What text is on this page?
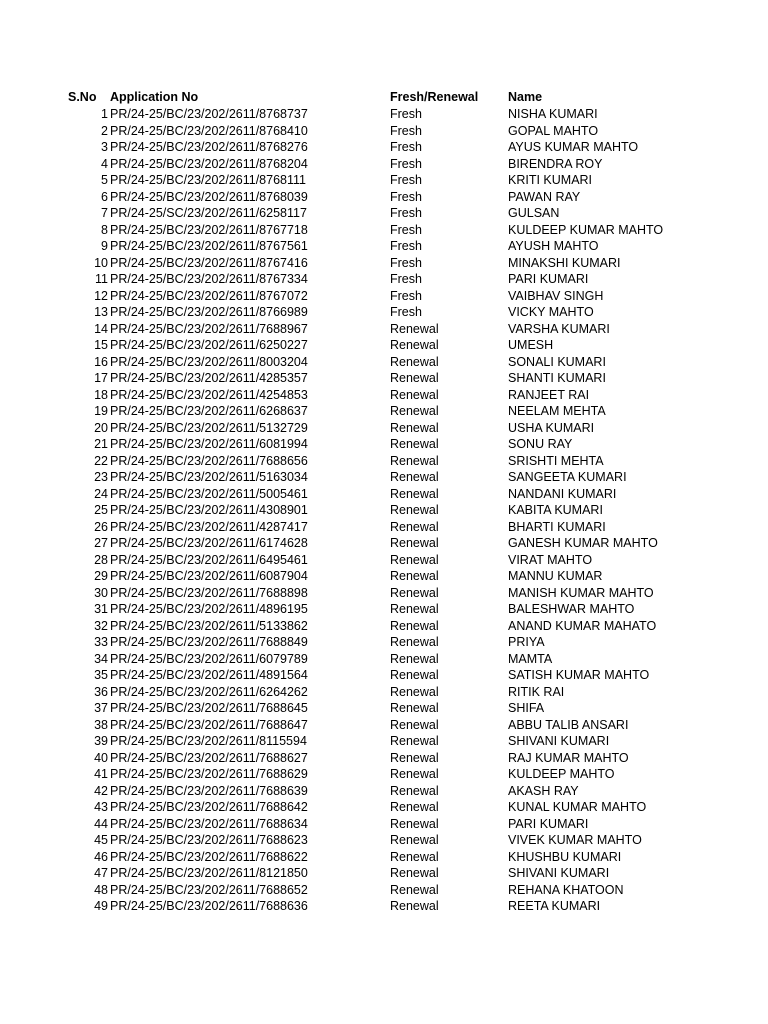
S.No Application No	Fresh/Renewal Name
1 PR/24-25/BC/23/202/2611/8768737	Fresh	NISHA KUMARI
2 PR/24-25/BC/23/202/2611/8768410	Fresh	GOPAL MAHTO
3 PR/24-25/BC/23/202/2611/8768276	Fresh	AYUS KUMAR MAHTO
4 PR/24-25/BC/23/202/2611/8768204	Fresh	BIRENDRA ROY
5 PR/24-25/BC/23/202/2611/8768111	Fresh	KRITI KUMARI
6 PR/24-25/BC/23/202/2611/8768039	Fresh	PAWAN RAY
7 PR/24-25/SC/23/202/2611/6258117	Fresh	GULSAN
8 PR/24-25/BC/23/202/2611/8767718	Fresh	KULDEEP KUMAR MAHTO
9 PR/24-25/BC/23/202/2611/8767561	Fresh	AYUSH MAHTO
10 PR/24-25/BC/23/202/2611/8767416	Fresh	MINAKSHI KUMARI
11 PR/24-25/BC/23/202/2611/8767334	Fresh	PARI KUMARI
12 PR/24-25/BC/23/202/2611/8767072	Fresh	VAIBHAV SINGH
13 PR/24-25/BC/23/202/2611/8766989	Fresh	VICKY MAHTO
14 PR/24-25/BC/23/202/2611/7688967	Renewal	VARSHA KUMARI
15 PR/24-25/BC/23/202/2611/6250227	Renewal	UMESH
16 PR/24-25/BC/23/202/2611/8003204	Renewal	SONALI KUMARI
17 PR/24-25/BC/23/202/2611/4285357	Renewal	SHANTI KUMARI
18 PR/24-25/BC/23/202/2611/4254853	Renewal	RANJEET RAI
19 PR/24-25/BC/23/202/2611/6268637	Renewal	NEELAM MEHTA
20 PR/24-25/BC/23/202/2611/5132729	Renewal	USHA KUMARI
21 PR/24-25/BC/23/202/2611/6081994	Renewal	SONU RAY
22 PR/24-25/BC/23/202/2611/7688656	Renewal	SRISHTI MEHTA
23 PR/24-25/BC/23/202/2611/5163034	Renewal	SANGEETA KUMARI
24 PR/24-25/BC/23/202/2611/5005461	Renewal	NANDANI KUMARI
25 PR/24-25/BC/23/202/2611/4308901	Renewal	KABITA KUMARI
26 PR/24-25/BC/23/202/2611/4287417	Renewal	BHARTI KUMARI
27 PR/24-25/BC/23/202/2611/6174628	Renewal	GANESH KUMAR MAHTO
28 PR/24-25/BC/23/202/2611/6495461	Renewal	VIRAT MAHTO
29 PR/24-25/BC/23/202/2611/6087904	Renewal	MANNU KUMAR
30 PR/24-25/BC/23/202/2611/7688898	Renewal	MANISH KUMAR MAHTO
31 PR/24-25/BC/23/202/2611/4896195	Renewal	BALESHWAR MAHTO
32 PR/24-25/BC/23/202/2611/5133862	Renewal	ANAND KUMAR MAHATO
33 PR/24-25/BC/23/202/2611/7688849	Renewal	PRIYA
34 PR/24-25/BC/23/202/2611/6079789	Renewal	MAMTA
35 PR/24-25/BC/23/202/2611/4891564	Renewal	SATISH KUMAR MAHTO
36 PR/24-25/BC/23/202/2611/6264262	Renewal	RITIK RAI
37 PR/24-25/BC/23/202/2611/7688645	Renewal	SHIFA
38 PR/24-25/BC/23/202/2611/7688647	Renewal	ABBU TALIB ANSARI
39 PR/24-25/BC/23/202/2611/8115594	Renewal	SHIVANI KUMARI
40 PR/24-25/BC/23/202/2611/7688627	Renewal	RAJ KUMAR MAHTO
41 PR/24-25/BC/23/202/2611/7688629	Renewal	KULDEEP MAHTO
42 PR/24-25/BC/23/202/2611/7688639	Renewal	AKASH RAY
43 PR/24-25/BC/23/202/2611/7688642	Renewal	KUNAL KUMAR MAHTO
44 PR/24-25/BC/23/202/2611/7688634	Renewal	PARI KUMARI
45 PR/24-25/BC/23/202/2611/7688623	Renewal	VIVEK KUMAR MAHTO
46 PR/24-25/BC/23/202/2611/7688622	Renewal	KHUSHBU KUMARI
47 PR/24-25/BC/23/202/2611/8121850	Renewal	SHIVANI KUMARI
48 PR/24-25/BC/23/202/2611/7688652	Renewal	REHANA KHATOON
49 PR/24-25/BC/23/202/2611/7688636	Renewal	REETA KUMARI
